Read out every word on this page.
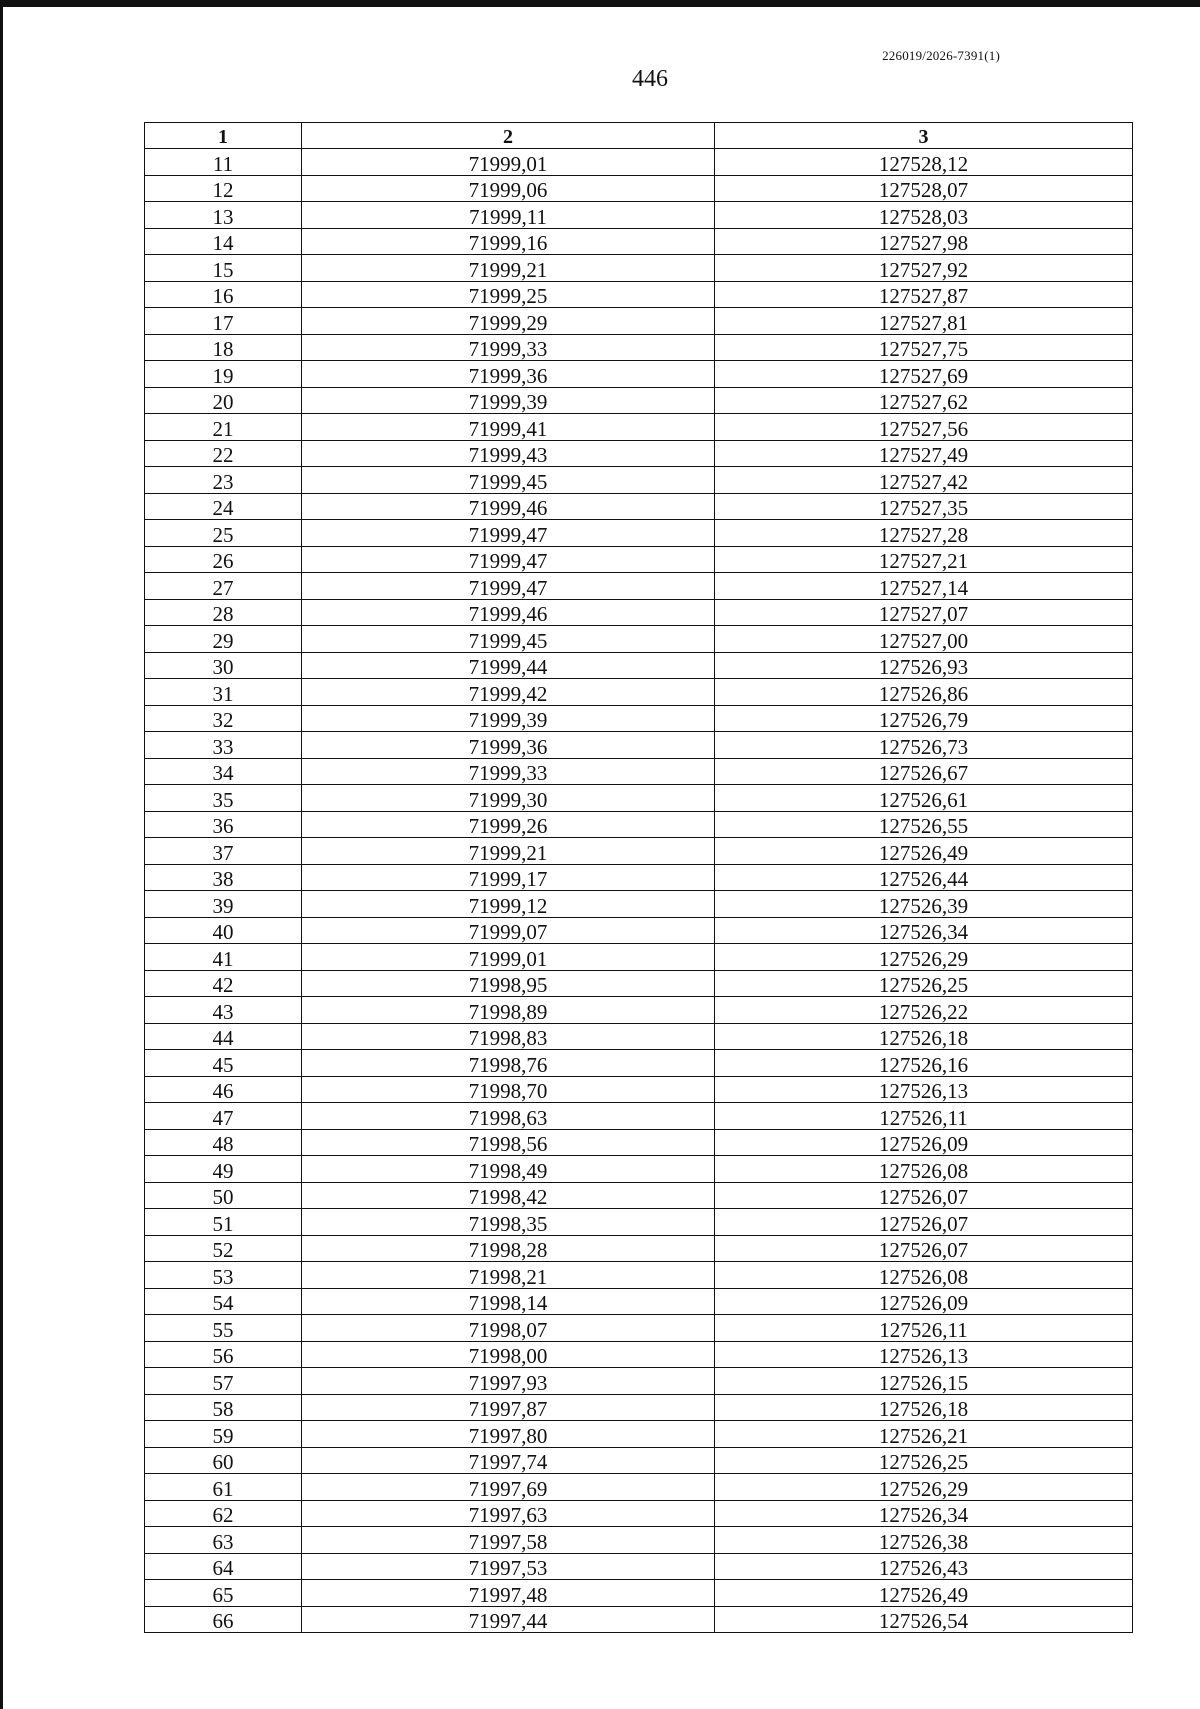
226019/2026-7391(1)
446
1	2	3
11	71999,01	127528,12
12	71999,06	127528,07
13	71999,11	127528,03
14	71999,16	127527,98
15	71999,21	127527,92
16	71999,25	127527,87
17	71999,29	127527,81
18	71999,33	127527,75
19	71999,36	127527,69
20	71999,39	127527,62
21	71999,41	127527,56
22	71999,43	127527,49
23	71999,45	127527,42
24	71999,46	127527,35
25	71999,47	127527,28
26	71999,47	127527,21
27	71999,47	127527,14
28	71999,46	127527,07
29	71999,45	127527,00
30	71999,44	127526,93
31	71999,42	127526,86
32	71999,39	127526,79
33	71999,36	127526,73
34	71999,33	127526,67
35	71999,30	127526,61
36	71999,26	127526,55
37	71999,21	127526,49
38	71999,17	127526,44
39	71999,12	127526,39
40	71999,07	127526,34
41	71999,01	127526,29
42	71998,95	127526,25
43	71998,89	127526,22
44	71998,83	127526,18
45	71998,76	127526,16
46	71998,70	127526,13
47	71998,63	127526,11
48	71998,56	127526,09
49	71998,49	127526,08
50	71998,42	127526,07
51	71998,35	127526,07
52	71998,28	127526,07
53	71998,21	127526,08
54	71998,14	127526,09
55	71998,07	127526,11
56	71998,00	127526,13
57	71997,93	127526,15
58	71997,87	127526,18
59	71997,80	127526,21
60	71997,74	127526,25
61	71997,69	127526,29
62	71997,63	127526,34
63	71997,58	127526,38
64	71997,53	127526,43
65	71997,48	127526,49
66	71997,44	127526,54
